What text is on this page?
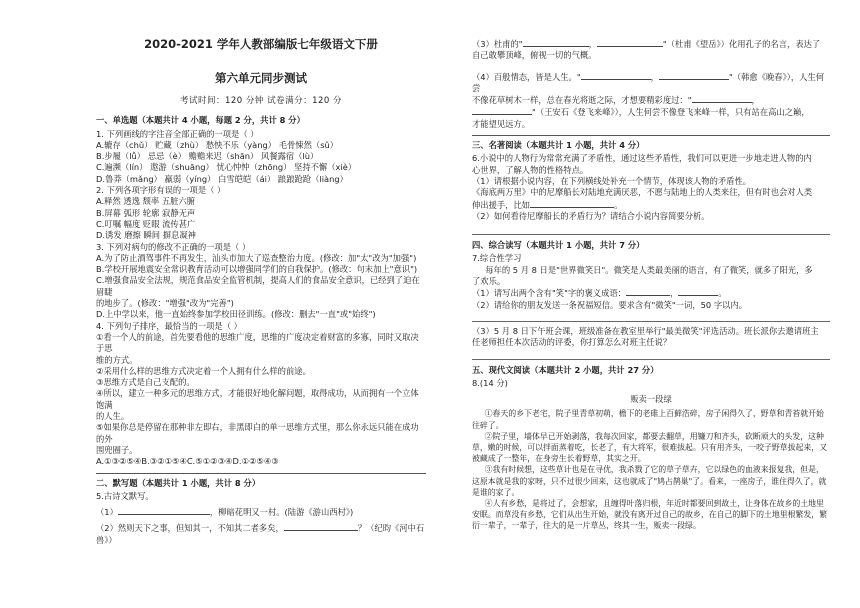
2020-2021 学年人教部编版七年级语文下册

第六单元同步测试

考试时间：120 分钟 试卷满分：120 分

一、单选题（本题共计 4 小题，每题 2 分，共计 8 分）

1. 下列画线的字注音全部正确的一项是（ ）

A.辘存（chǔ） 贮藏（zhù） 愁怏不乐（yàng） 毛骨悚然（sǔ）

B.步履（lǚ） 忌忌（è） 赡赡来迟（shān） 风餐露宿（lù）

C.遍濒（lín） 遨游（shuāng） 忧心忡忡（zhōng） 坚持不懈（xiè）

D.鲁莽（mǎng） 羸弱（yíng） 白雪皑皑（ái） 踉踉跄跄（liàng）

2. 下列各项字形有误的一项是（ ）

A.释然 透逸 颓率 五脏六腑

B.屏幕 弧形 轮廓 寂静无声

C.叮嘱 幅度 贬眼 流传甚广

D.诱发 磨擦 瞬间 摒息凝神

3. 下列对病句的修改不正确的一项是（ ）

A.为了防止酒驾事件不再发生，汕头市加大了巡查整治力度。(修改：加"太"改为"加强")

B.学校开展地震安全常识教育活动可以增强同学们的自我保护。(修改：句末加上"意识")

C.增强食品安全法规，规范食品安全监管机制，提高人们的食品安全意识，已经到了迫在眉睫

的地步了。(修改："增强"改为"完善")

D.上中学以来，他一直始终参加学校田径训练。(修改：删去"一直"或"始终")

4. 下列句子排序，最恰当的一项是（ ）

①看一个人的前途，首先要看他的思维广度，思维的广度决定着财富的多寡，同时又取决于思

维的方式。

②采用什么样的思维方式决定着一个人拥有什么样的前途。

③思维方式是自己支配的。

④所以，建立一种多元的思维方式，才能很好地化解问题，取得成功，从而拥有一个立体饱满

的人生。

⑤如果你总是停留在那种非左即右，非黑即白的单一思维方式里，那么你永远只能在成功的外

围兜圈子。

A.①③②⑤④B.③②①⑤④C.⑤①②③④D.①②⑤④③

二、默写题（本题共计 1 小题，共计 8 分）

5.古诗文默写。

（1）	，柳暗花明又一村。(陆游《游山西村》)

（2）然则天下之事，但知其一，不知其二者多矣，	？（纪昀《河中石兽》）

（3）杜甫的"	，	"（杜甫《望岳》）化用孔子的名言，表达了

自己敢攀顶峰，俯视一切的气概。

（4）百般情态，皆是人生。"	，	"（韩愈《晚春》），人生何尝

不像花草树木一样，总在春光将逝之际，才想要精彩度过："	，

"（王安石《登飞来峰》），人生何尝不像登飞来峰一样，只有站在高山之巅，

才能望见远方。

三、名著阅读（本题共计 1 小题，共计 4 分）

6.小说中的人物行为常常充满了矛盾性，通过这些矛盾性，我们可以更进一步地走进人物的内

心世界，了解人物的性格特点。

（1）请根据小说内容，在下列横线处补充一个情节，体现该人物的矛盾性。

《海底两万里》中的尼摩船长对陆地充满厌恶，不愿与陆地上的人类来往，但有时也会对人类

伸出援手，比如	。

（2）如何看待尼摩船长的矛盾行为？请结合小说内容简要分析。

四、综合读写（本题共计 1 小题，共计 7 分）

7.综合性学习

每年的 5 月 8 日是"世界微笑日"。微笑是人类最美丽的语言，有了微笑，就多了阳光，多

了欢乐。

（1）请写出两个含有"笑"字的褒义成语：	，	。

（2）请给你的朋友发送一条祝福短信。要求含有"微笑"一词，50 字以内。

（3）5 月 8 日下午班会课，班级准备在教室里举行"最美微笑"评选活动。班长派你去邀请班主

任老师担任本次活动的评委，你打算怎么对班主任说？

五、现代文阅读（本题共计 2 小题，共计 27 分）

8.(14 分)

贩卖一段绿

①春天的乡下老宅，院子里青草初萌，檐下的老碓上百藓浩碎，房子闲得久了，野草和青苔就开始往碎了。

②院子里，墙体早已开始剥落，我每次回家，都要去翻草，用镰刀和齐头，砍断顽大的头发，这种草，嫩的时候，可以拌面蒸着吃，长老了，有大将军，很难拔起。只有用齐头，一咬子野草拔起来，又被藏成了一整年，在身旁生长着野草，其实之开。

③我有时候想，这些草计也是在寻优，我杀戮了它的草子草卉，它以绿色的血液来报复我，但是，这原本就是我的家呀，只不过很少回来，这也就成了"鸠占鹊巢"了。看来，一座房子，谁住得久了，就是谁的家了。

④人有乡愁，是将过了，会想家，且缠得叶落归根，年近时都要回到故土，让身体在故乡的土地里安眠。而草没有乡愁，它们从出生开始，就没有离开过自己的故乡，在自己的脚下的土地里根繁发，繁衍一辈子，一辈子，往大的是一片草丛，终其一生，贩卖一段绿。
